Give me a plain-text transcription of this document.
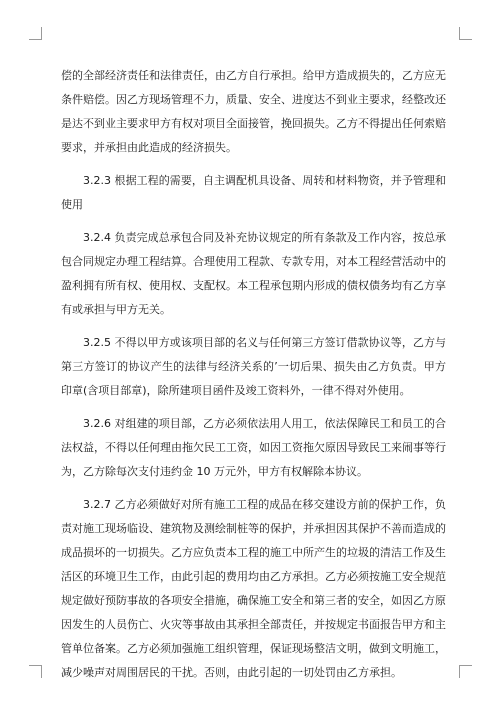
偿的全部经济责任和法律责任，由乙方自行承担。给甲方造成损失的，乙方应无条件赔偿。因乙方现场管理不力，质量、安全、进度达不到业主要求，经整改还是达不到业主要求甲方有权对项目全面接管，挽回损失。乙方不得提出任何索赔要求，并承担由此造成的经济损失。

3.2.3 根据工程的需要，自主调配机具设备、周转和材料物资，并予管理和使用

3.2.4 负责完成总承包合同及补充协议规定的所有条款及工作内容，按总承包合同规定办理工程结算。合理使用工程款、专款专用，对本工程经营活动中的盈利拥有所有权、使用权、支配权。本工程承包期内形成的债权债务均有乙方享有或承担与甲方无关。

3.2.5 不得以甲方或该项目部的名义与任何第三方签订借款协议等，乙方与第三方签订的协议产生的法律与经济关系的’一切后果、损失由乙方负责。甲方印章(含项目部章)，除所建项目函件及竣工资料外，一律不得对外使用。

3.2.6 对组建的项目部，乙方必须依法用人用工，依法保障民工和员工的合法权益，不得以任何理由拖欠民工工资，如因工资拖欠原因导致民工来闹事等行为，乙方除每次支付违约金 10 万元外，甲方有权解除本协议。

3.2.7 乙方必须做好对所有施工工程的成品在移交建设方前的保护工作，负责对施工现场临设、建筑物及测绘制桩等的保护，并承担因其保护不善而造成的成品损坏的一切损失。乙方应负责本工程的施工中所产生的垃圾的清洁工作及生活区的环境卫生工作，由此引起的费用均由乙方承担。乙方必须按施工安全规范规定做好预防事故的各项安全措施，确保施工安全和第三者的安全，如因乙方原因发生的人员伤亡、火灾等事故由其承担全部责任，并按规定书面报告甲方和主管单位备案。乙方必须加强施工组织管理，保证现场整洁文明，做到文明施工，减少噪声对周围居民的干扰。否则，由此引起的一切处罚由乙方承担。
